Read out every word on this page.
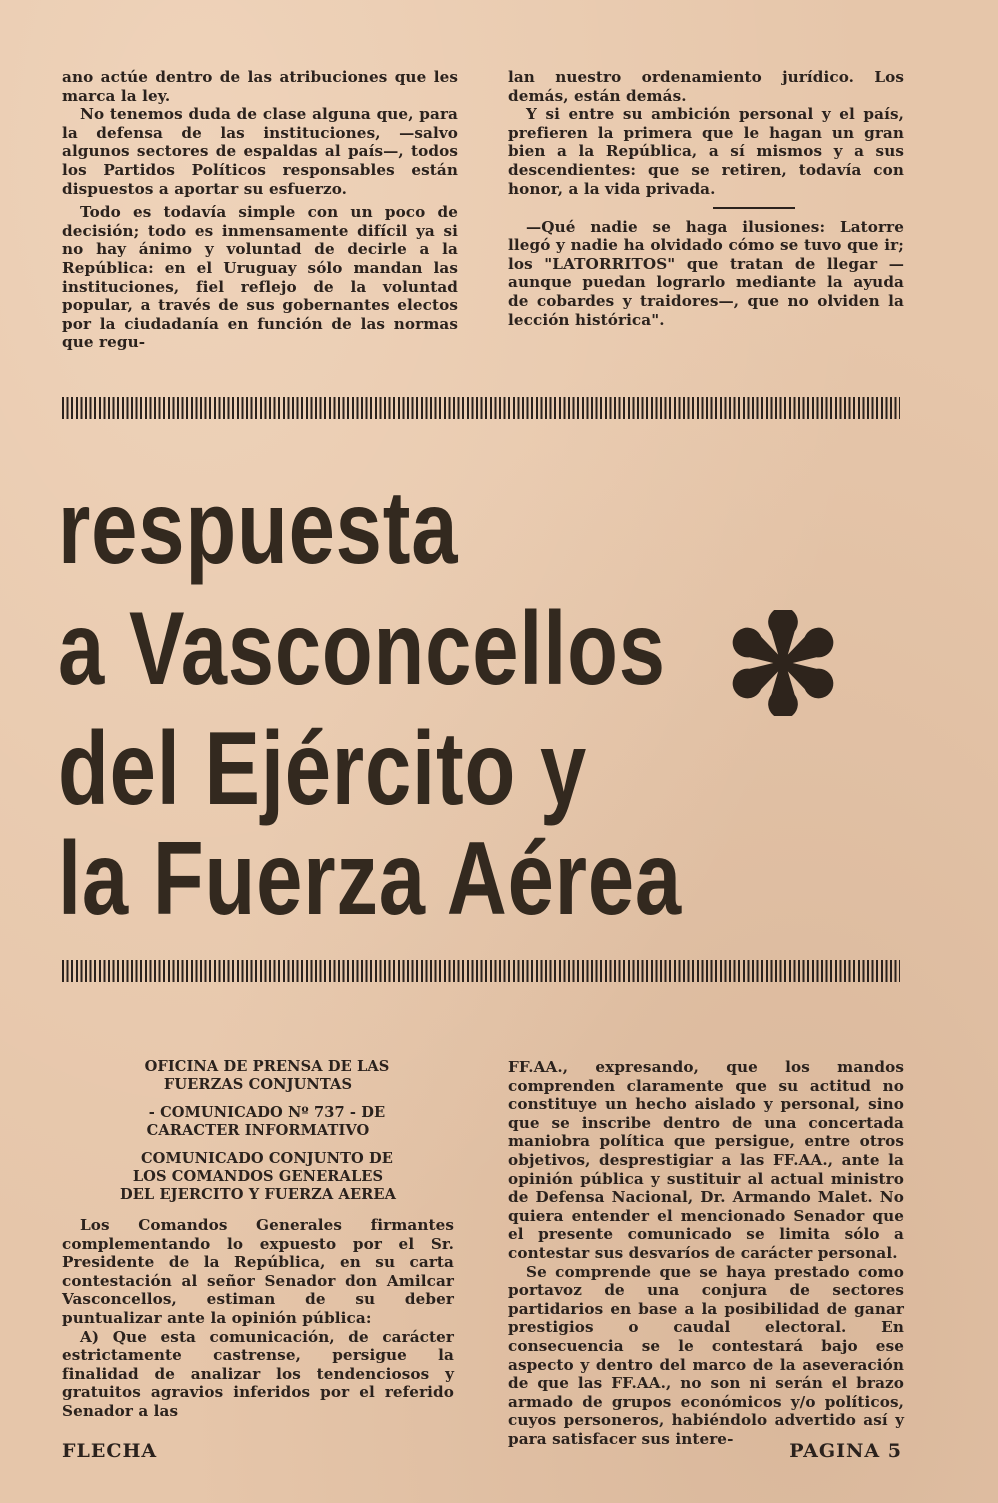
ano actúe dentro de las atribuciones que les marca la ley.

No tenemos duda de clase alguna que, para la defensa de las instituciones, —salvo algunos sectores de espaldas al país—, todos los Partidos Políticos responsables están dispuestos a aportar su esfuerzo.

Todo es todavía simple con un poco de decisión; todo es inmensamente difícil ya si no hay ánimo y voluntad de decirle a la República: en el Uruguay sólo mandan las instituciones, fiel reflejo de la voluntad popular, a través de sus gobernantes electos por la ciudadanía en función de las normas que regu-

lan nuestro ordenamiento jurídico. Los demás, están demás.

Y si entre su ambición personal y el país, prefieren la primera que le hagan un gran bien a la República, a sí mismos y a sus descendientes: que se retiren, todavía con honor, a la vida privada.

—Qué nadie se haga ilusiones: Latorre llegó y nadie ha olvidado cómo se tuvo que ir; los "LATORRITOS" que tratan de llegar —aunque puedan lograrlo mediante la ayuda de cobardes y traidores—, que no olviden la lección histórica".

respuesta
a Vasconcellos
del Ejército y
la Fuerza Aérea

OFICINA DE PRENSA DE LAS FUERZAS CONJUNTAS

- COMUNICADO Nº 737 - DE CARACTER INFORMATIVO

COMUNICADO CONJUNTO DE LOS COMANDOS GENERALES DEL EJERCITO Y FUERZA AEREA

Los Comandos Generales firmantes complementando lo expuesto por el Sr. Presidente de la República, en su carta contestación al señor Senador don Amilcar Vasconcellos, estiman de su deber puntualizar ante la opinión pública:

A) Que esta comunicación, de carácter estrictamente castrense, persigue la finalidad de analizar los tendenciosos y gratuitos agravios inferidos por el referido Senador a las

FF.AA., expresando, que los mandos comprenden claramente que su actitud no constituye un hecho aislado y personal, sino que se inscribe dentro de una concertada maniobra política que persigue, entre otros objetivos, desprestigiar a las FF.AA., ante la opinión pública y sustituir al actual ministro de Defensa Nacional, Dr. Armando Malet. No quiera entender el mencionado Senador que el presente comunicado se limita sólo a contestar sus desvaríos de carácter personal.

Se comprende que se haya prestado como portavoz de una conjura de sectores partidarios en base a la posibilidad de ganar prestigios o caudal electoral. En consecuencia se le contestará bajo ese aspecto y dentro del marco de la aseveración de que las FF.AA., no son ni serán el brazo armado de grupos económicos y/o políticos, cuyos personeros, habiéndolo advertido así y para satisfacer sus intere-

FLECHA	PAGINA 5
